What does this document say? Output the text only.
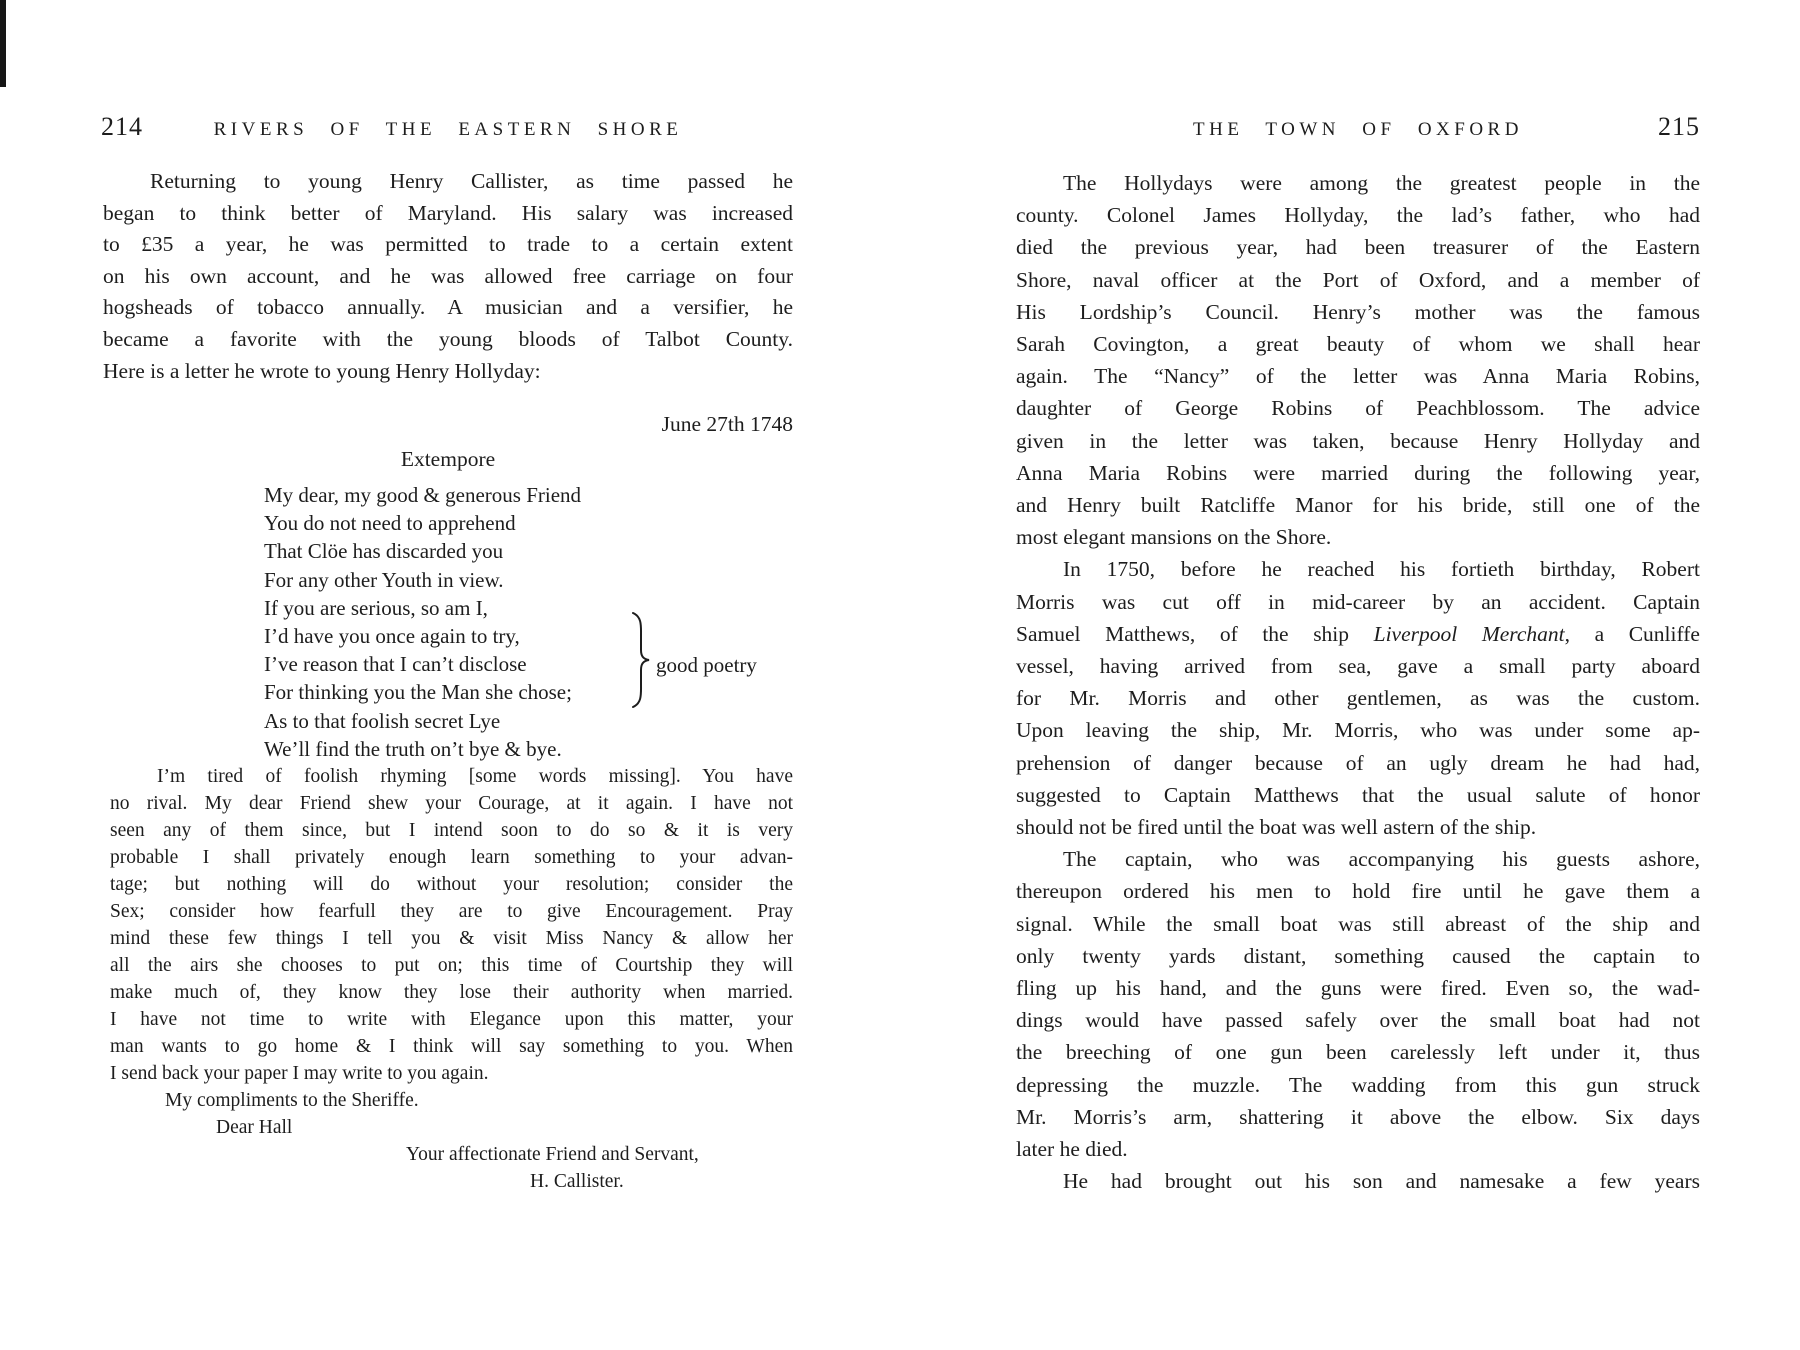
214	RIVERS OF THE EASTERN SHORE
Returning to young Henry Callister, as time passed he
began to think better of Maryland. His salary was increased
to £35 a year, he was permitted to trade to a certain extent
on his own account, and he was allowed free carriage on four
hogsheads of tobacco annually. A musician and a versifier, he
became a favorite with the young bloods of Talbot County.
Here is a letter he wrote to young Henry Hollyday:
June 27th 1748
Extempore
My dear, my good & generous Friend
You do not need to apprehend
That Clöe has discarded you
For any other Youth in view.
If you are serious, so am I,
I’d have you once again to try,
I’ve reason that I can’t disclose
For thinking you the Man she chose;
As to that foolish secret Lye
We’ll find the truth on’t bye & bye.
good poetry
I’m tired of foolish rhyming [some words missing]. You have
no rival. My dear Friend shew your Courage, at it again. I have not
seen any of them since, but I intend soon to do so & it is very
probable I shall privately enough learn something to your advan-
tage; but nothing will do without your resolution; consider the
Sex; consider how fearfull they are to give Encouragement. Pray
mind these few things I tell you & visit Miss Nancy & allow her
all the airs she chooses to put on; this time of Courtship they will
make much of, they know they lose their authority when married.
I have not time to write with Elegance upon this matter, your
man wants to go home & I think will say something to you. When
I send back your paper I may write to you again.
My compliments to the Sheriffe.
Dear Hall
Your affectionate Friend and Servant,
H. Callister.
THE TOWN OF OXFORD	215
The Hollydays were among the greatest people in the
county. Colonel James Hollyday, the lad’s father, who had
died the previous year, had been treasurer of the Eastern
Shore, naval officer at the Port of Oxford, and a member of
His Lordship’s Council. Henry’s mother was the famous
Sarah Covington, a great beauty of whom we shall hear
again. The “Nancy” of the letter was Anna Maria Robins,
daughter of George Robins of Peachblossom. The advice
given in the letter was taken, because Henry Hollyday and
Anna Maria Robins were married during the following year,
and Henry built Ratcliffe Manor for his bride, still one of the
most elegant mansions on the Shore.
In 1750, before he reached his fortieth birthday, Robert
Morris was cut off in mid-career by an accident. Captain
Samuel Matthews, of the ship Liverpool Merchant, a Cunliffe
vessel, having arrived from sea, gave a small party aboard
for Mr. Morris and other gentlemen, as was the custom.
Upon leaving the ship, Mr. Morris, who was under some ap-
prehension of danger because of an ugly dream he had had,
suggested to Captain Matthews that the usual salute of honor
should not be fired until the boat was well astern of the ship.
The captain, who was accompanying his guests ashore,
thereupon ordered his men to hold fire until he gave them a
signal. While the small boat was still abreast of the ship and
only twenty yards distant, something caused the captain to
fling up his hand, and the guns were fired. Even so, the wad-
dings would have passed safely over the small boat had not
the breeching of one gun been carelessly left under it, thus
depressing the muzzle. The wadding from this gun struck
Mr. Morris’s arm, shattering it above the elbow. Six days
later he died.
He had brought out his son and namesake a few years
